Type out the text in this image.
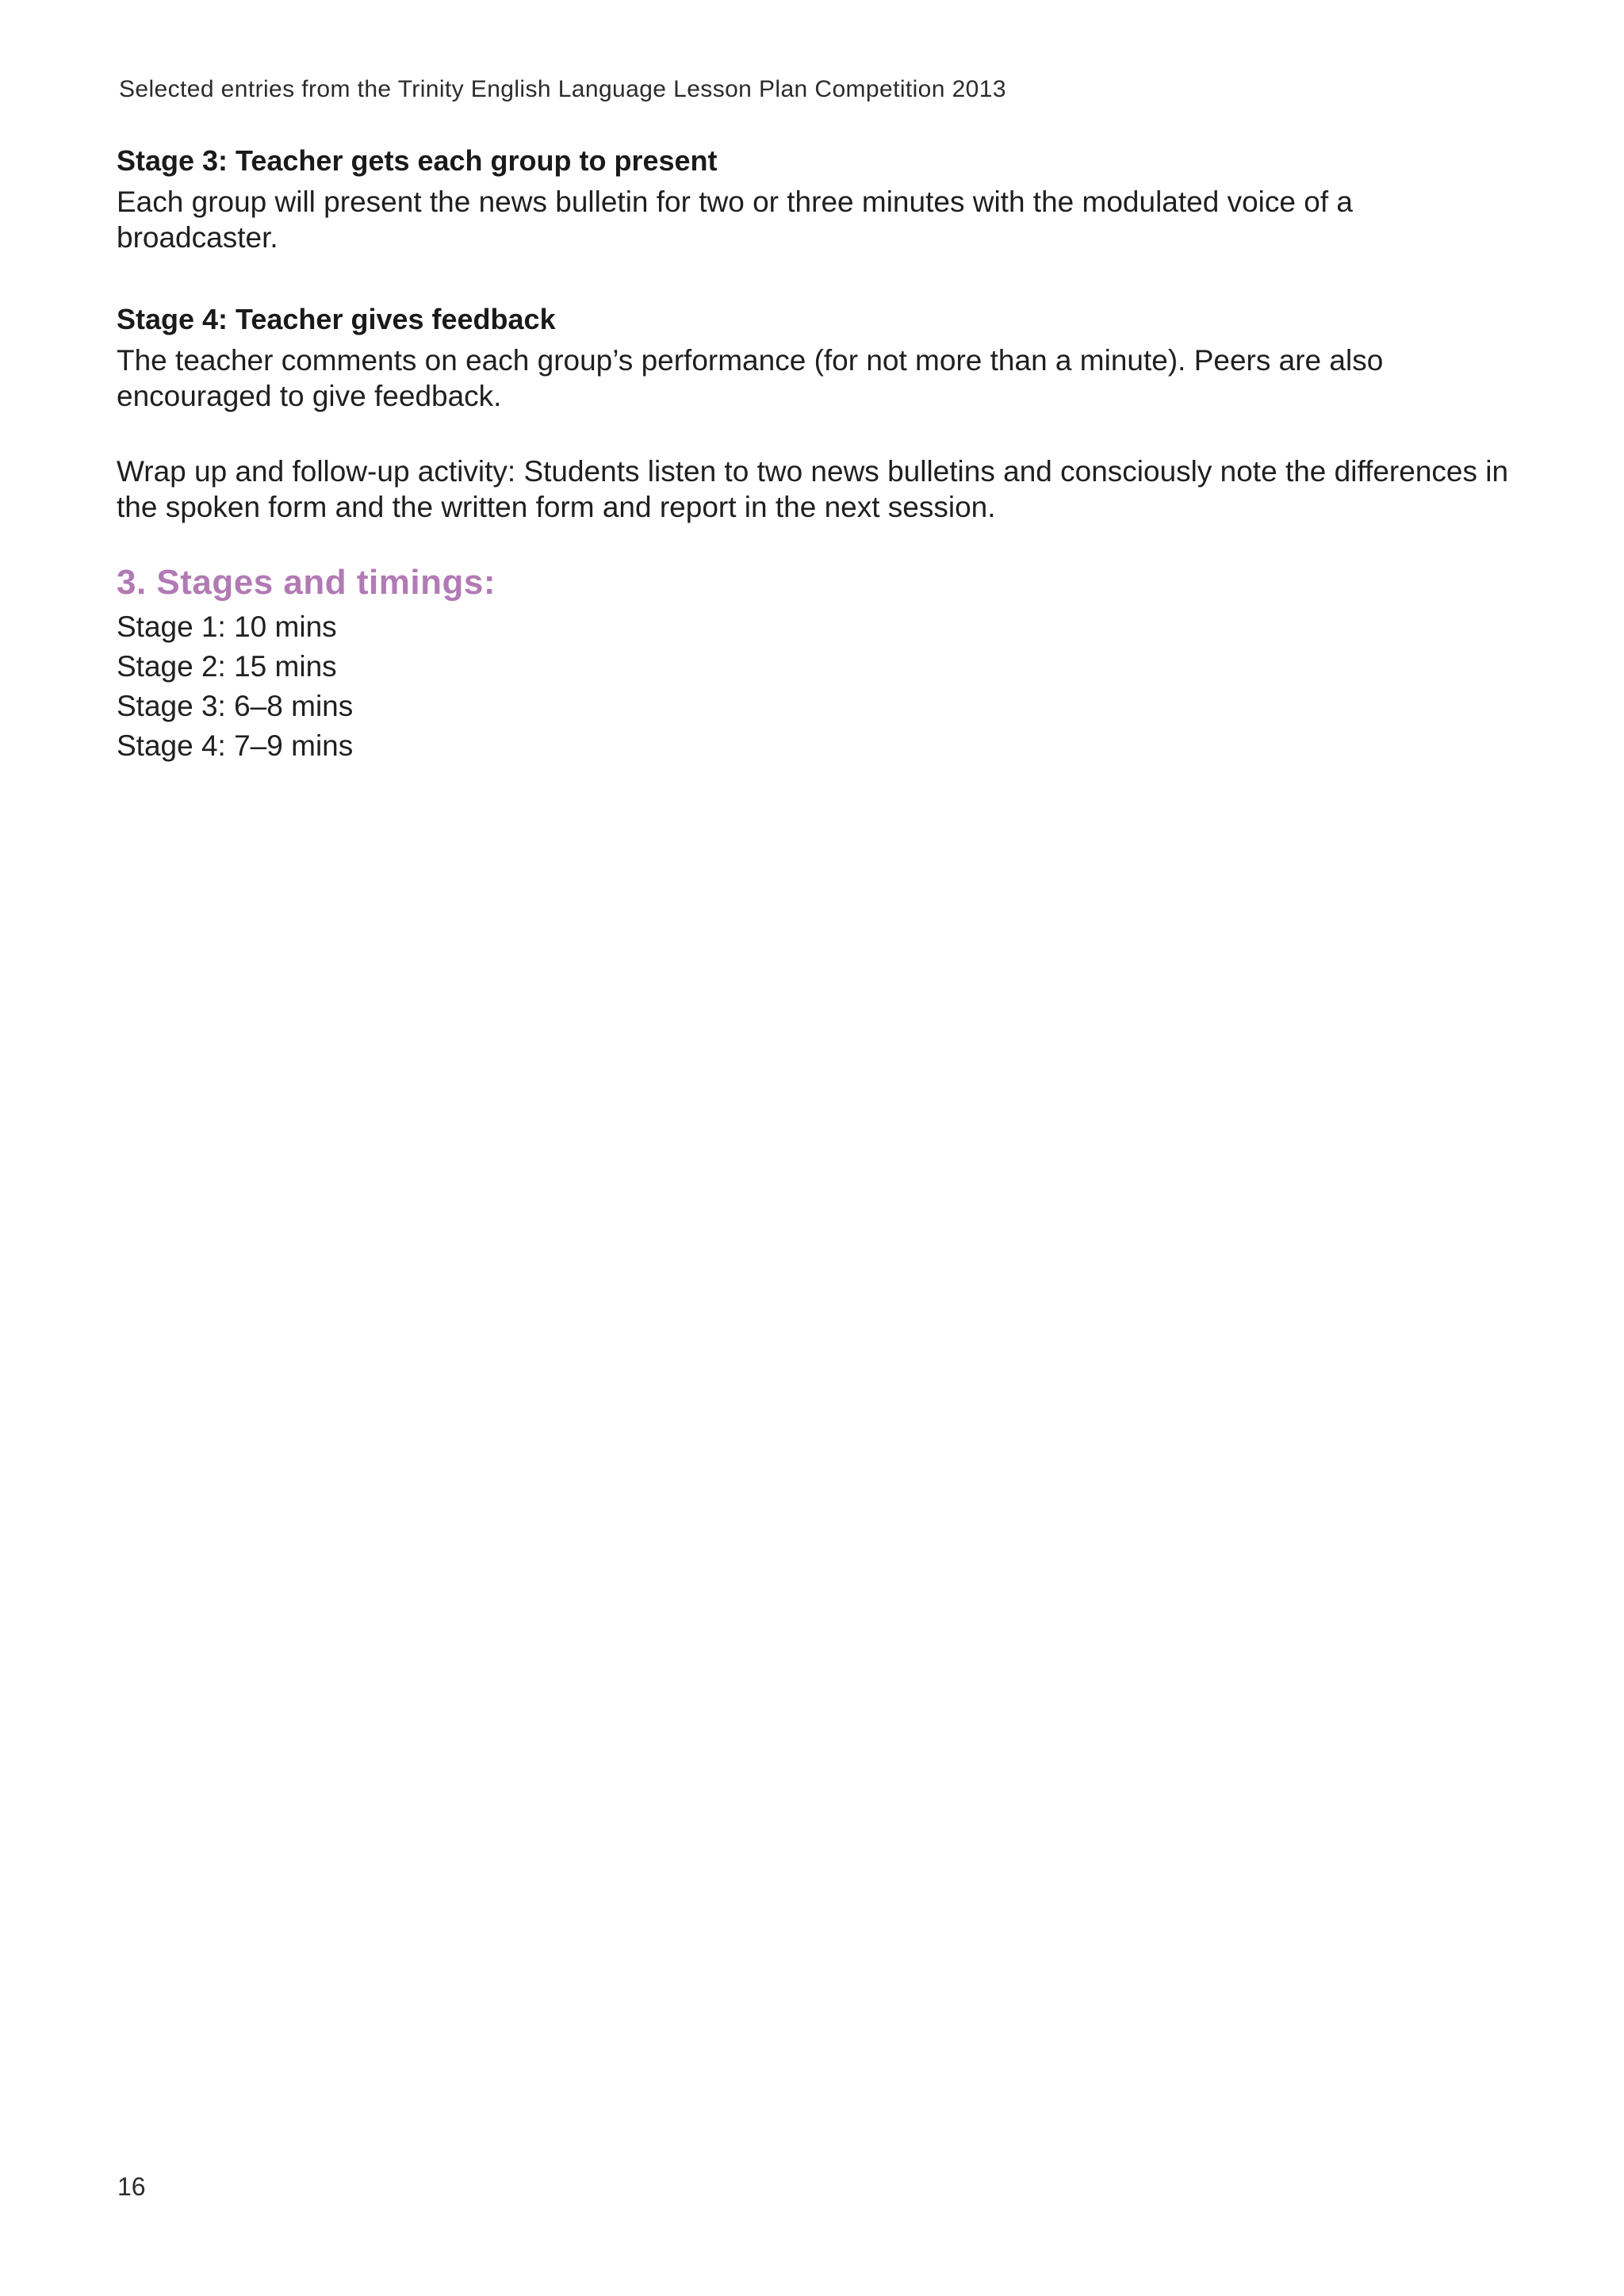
Selected entries from the Trinity English Language Lesson Plan Competition 2013
Stage 3: Teacher gets each group to present

Each group will present the news bulletin for two or three minutes with the modulated voice of a broadcaster.

Stage 4: Teacher gives feedback

The teacher comments on each group’s performance (for not more than a minute). Peers are also encouraged to give feedback.

Wrap up and follow-up activity: Students listen to two news bulletins and consciously note the differences in the spoken form and the written form and report in the next session.

3. Stages and timings:
Stage 1: 10 mins
Stage 2: 15 mins
Stage 3: 6–8 mins
Stage 4: 7–9 mins
16
